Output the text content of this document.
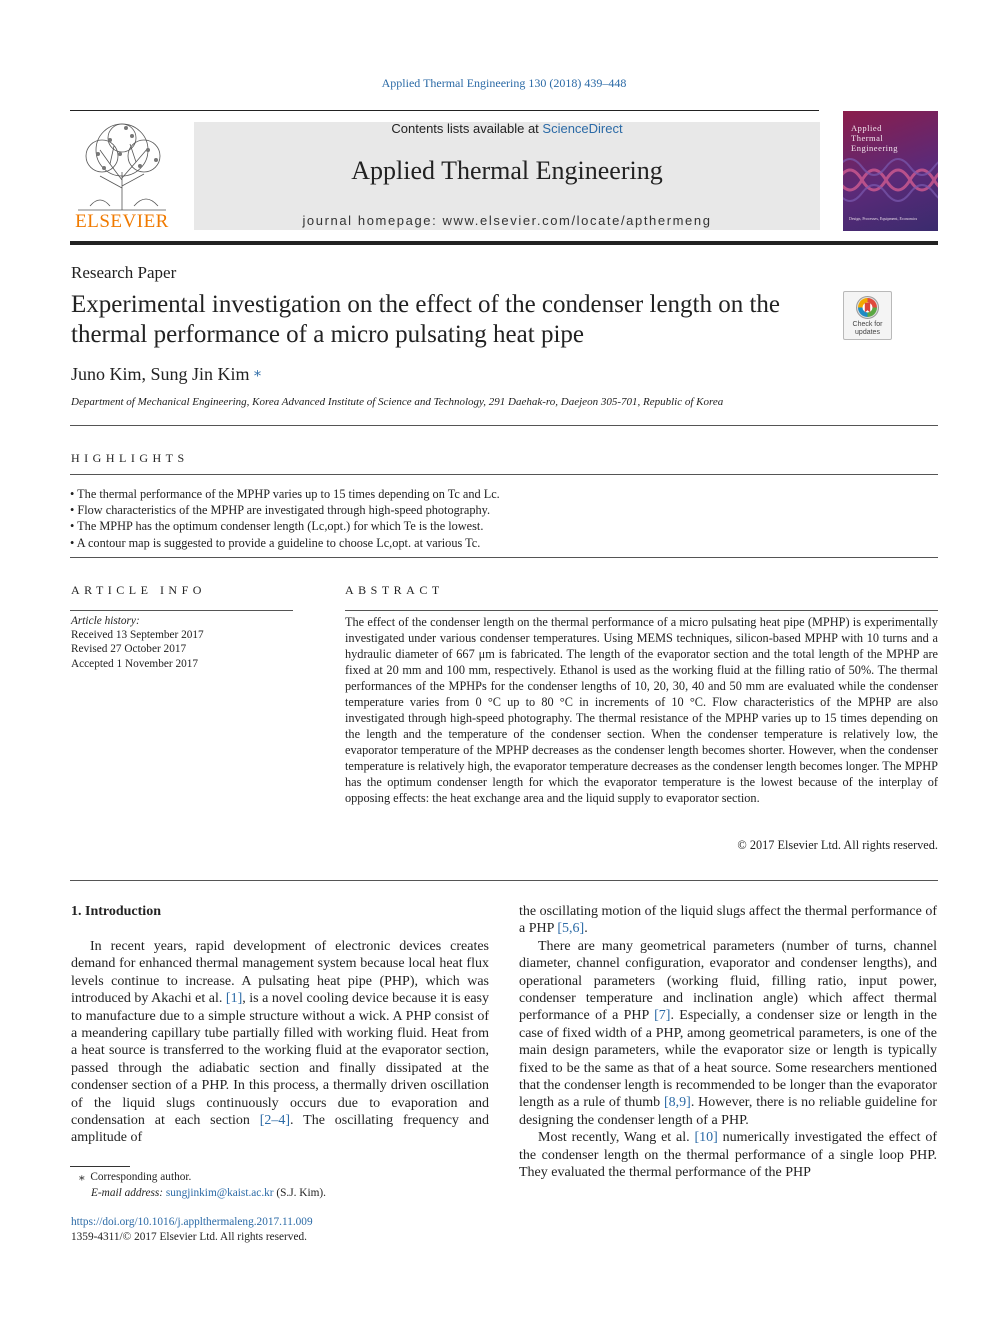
Applied Thermal Engineering 130 (2018) 439–448
ELSEVIER
Contents lists available at ScienceDirect
Applied Thermal Engineering
journal homepage: www.elsevier.com/locate/apthermeng
Applied
Thermal
Engineering
Design, Processes, Equipment, Economics
Research Paper
Experimental investigation on the effect of the condenser length on the
thermal performance of a micro pulsating heat pipe	Check for
updates
Juno Kim, Sung Jin Kim ⁎
Department of Mechanical Engineering, Korea Advanced Institute of Science and Technology, 291 Daehak-ro, Daejeon 305-701, Republic of Korea
HIGHLIGHTS
• The thermal performance of the MPHP varies up to 15 times depending on Tc and Lc.
• Flow characteristics of the MPHP are investigated through high-speed photography.
• The MPHP has the optimum condenser length (Lc,opt.) for which Te is the lowest.
• A contour map is suggested to provide a guideline to choose Lc,opt. at various Tc.
ARTICLE INFO
Article history:
Received 13 September 2017
Revised 27 October 2017
Accepted 1 November 2017
ABSTRACT
The effect of the condenser length on the thermal performance of a micro pulsating heat pipe (MPHP) is experimentally investigated under various condenser temperatures. Using MEMS techniques, silicon-based MPHP with 10 turns and a hydraulic diameter of 667 μm is fabricated. The length of the evaporator section and the total length of the MPHP are fixed at 20 mm and 100 mm, respectively. Ethanol is used as the working fluid at the filling ratio of 50%. The thermal performances of the MPHPs for the condenser lengths of 10, 20, 30, 40 and 50 mm are evaluated while the condenser temperature varies from 0 °C up to 80 °C in increments of 10 °C. Flow characteristics of the MPHP are also investigated through high-speed photography. The thermal resistance of the MPHP varies up to 15 times depending on the length and the temperature of the condenser section. When the condenser temperature is relatively low, the evaporator temperature of the MPHP decreases as the condenser length becomes shorter. However, when the condenser temperature is relatively high, the evaporator temperature decreases as the condenser length becomes longer. The MPHP has the optimum condenser length for which the evaporator temperature is the lowest because of the interplay of opposing effects: the heat exchange area and the liquid supply to evaporator section.
© 2017 Elsevier Ltd. All rights reserved.
1. Introduction

In recent years, rapid development of electronic devices creates demand for enhanced thermal management system because local heat flux levels continue to increase. A pulsating heat pipe (PHP), which was introduced by Akachi et al. [1], is a novel cooling device because it is easy to manufacture due to a simple structure without a wick. A PHP consist of a meandering capillary tube partially filled with working fluid. Heat from a heat source is transferred to the working fluid at the evaporator section, passed through the adiabatic section and finally dissipated at the condenser section of a PHP. In this process, a thermally driven oscillation of the liquid slugs continuously occurs due to evaporation and condensation at each section [2–4]. The oscillating frequency and amplitude of

the oscillating motion of the liquid slugs affect the thermal performance of a PHP [5,6].

There are many geometrical parameters (number of turns, channel diameter, channel configuration, evaporator and condenser lengths), and operational parameters (working fluid, filling ratio, input power, condenser temperature and inclination angle) which affect thermal performance of a PHP [7]. Especially, a condenser size or length in the case of fixed width of a PHP, among geometrical parameters, is one of the main design parameters, while the evaporator size or length is typically fixed to be the same as that of a heat source. Some researchers mentioned that the condenser length is recommended to be longer than the evaporator length as a rule of thumb [8,9]. However, there is no reliable guideline for designing the condenser length of a PHP.

Most recently, Wang et al. [10] numerically investigated the effect of the condenser length on the thermal performance of a single loop PHP. They evaluated the thermal performance of the PHP

⁎ Corresponding author.
E-mail address: sungjinkim@kaist.ac.kr (S.J. Kim).
https://doi.org/10.1016/j.applthermaleng.2017.11.009
1359-4311/© 2017 Elsevier Ltd. All rights reserved.
